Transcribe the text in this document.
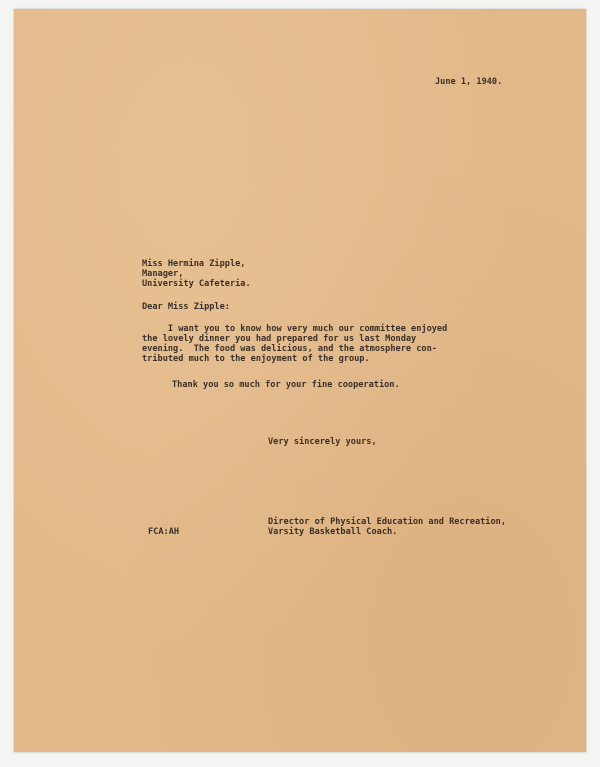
June 1, 1940.

Miss Hermina Zipple,
Manager,
University Cafeteria.

Dear Miss Zipple:

I want you to know how very much our committee enjoyed
the lovely dinner you had prepared for us last Monday
evening.  The food was delicious, and the atmosphere con-
tributed much to the enjoyment of the group.

Thank you so much for your fine cooperation.

Very sincerely yours,

Director of Physical Education and Recreation,
Varsity Basketball Coach.

FCA:AH
